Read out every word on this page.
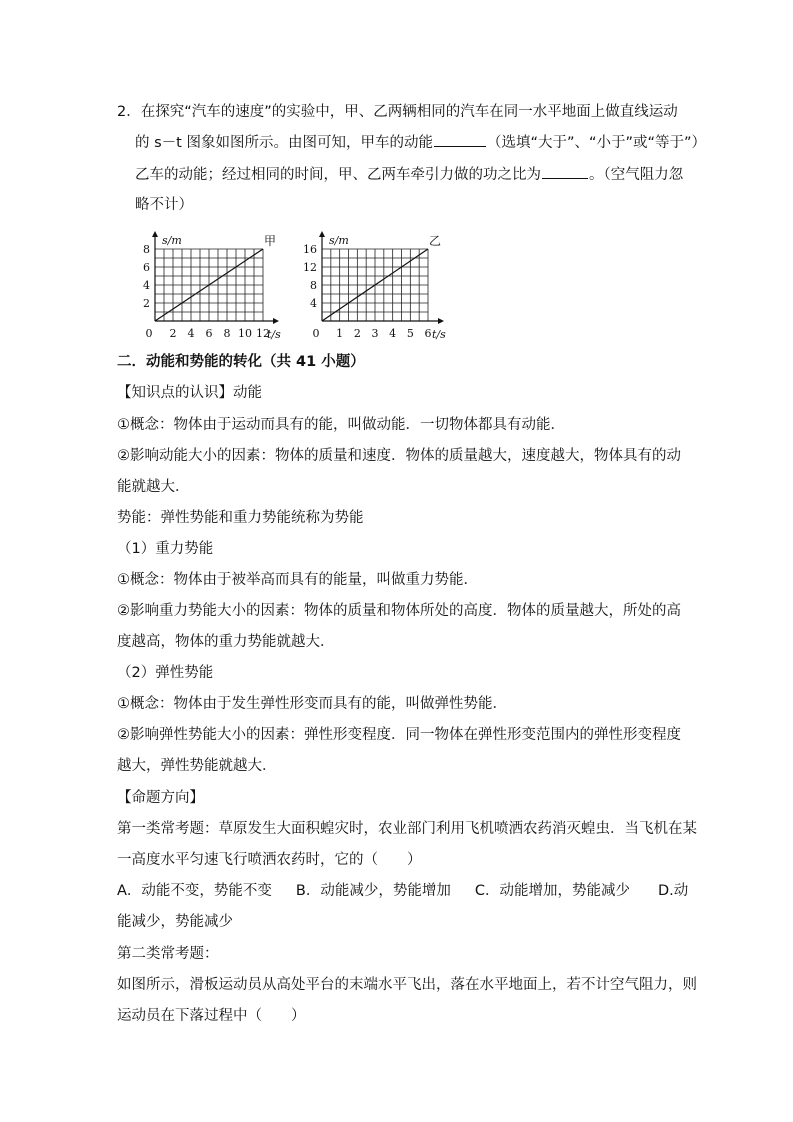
2．在探究“汽车的速度”的实验中，甲、乙两辆相同的汽车在同一水平地面上做直线运动
的 s－t 图象如图所示。由图可知，甲车的动能	（选填“大于”、“小于”或“等于”）
乙车的动能；经过相同的时间，甲、乙两车牵引力做的功之比为	。（空气阻力忽
略不计）
2
4
6
8
0 2 4 6 8 10 12
s/m
t/s
甲
4
8
12
16
0 1 2 3 4 5 6
s/m
t/s
乙
二．动能和势能的转化（共 41 小题）
【知识点的认识】动能
①概念：物体由于运动而具有的能，叫做动能．一切物体都具有动能．
②影响动能大小的因素：物体的质量和速度．物体的质量越大，速度越大，物体具有的动
能就越大．
势能：弹性势能和重力势能统称为势能
（1）重力势能
①概念：物体由于被举高而具有的能量，叫做重力势能．
②影响重力势能大小的因素：物体的质量和物体所处的高度．物体的质量越大，所处的高
度越高，物体的重力势能就越大．
（2）弹性势能
①概念：物体由于发生弹性形变而具有的能，叫做弹性势能．
②影响弹性势能大小的因素：弹性形变程度．同一物体在弹性形变范围内的弹性形变程度
越大，弹性势能就越大．
【命题方向】
第一类常考题：草原发生大面积蝗灾时，农业部门利用飞机喷洒农药消灭蝗虫．当飞机在某
一高度水平匀速飞行喷洒农药时，它的（　　）
A．动能不变，势能不变 B．动能减少，势能增加 C．动能增加，势能减少 D.动
能减少，势能减少
第二类常考题：
如图所示，滑板运动员从高处平台的末端水平飞出，落在水平地面上，若不计空气阻力，则
运动员在下落过程中（　　）
